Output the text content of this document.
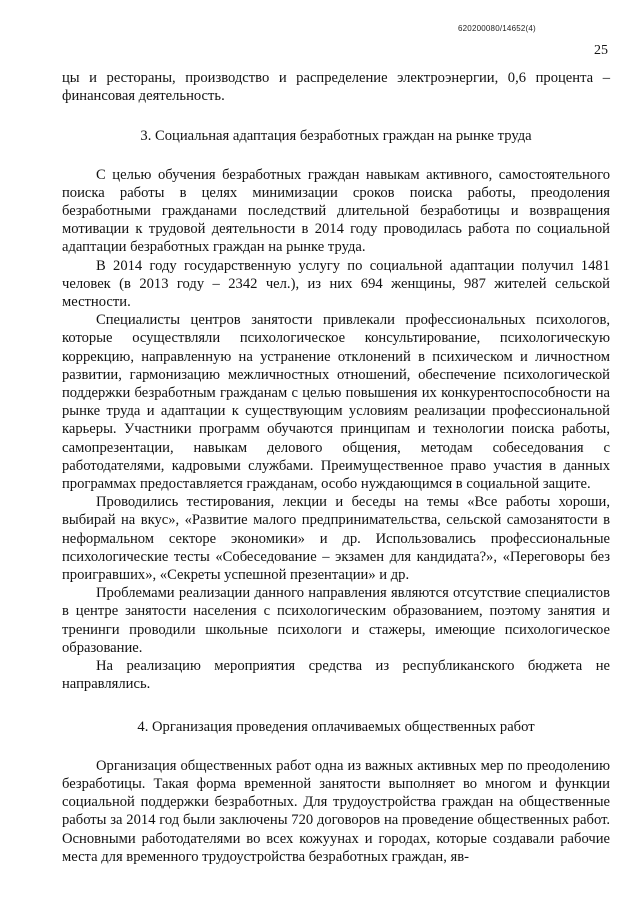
620200080/14652(4)
25

цы и рестораны, производство и распределение электроэнергии, 0,6 процента – финансовая деятельность.

3. Социальная адаптация безработных граждан на рынке труда

С целью обучения безработных граждан навыкам активного, самостоятельного поиска работы в целях минимизации сроков поиска работы, преодоления безработными гражданами последствий длительной безработицы и возвращения мотивации к трудовой деятельности в 2014 году проводилась работа по социальной адаптации безработных граждан на рынке труда.

В 2014 году государственную услугу по социальной адаптации получил 1481 человек (в 2013 году – 2342 чел.), из них 694 женщины, 987 жителей сельской местности.

Специалисты центров занятости привлекали профессиональных психологов, которые осуществляли психологическое консультирование, психологическую коррекцию, направленную на устранение отклонений в психическом и личностном развитии, гармонизацию межличностных отношений, обеспечение психологической поддержки безработным гражданам с целью повышения их конкурентоспособности на рынке труда и адаптации к существующим условиям реализации профессиональной карьеры. Участники программ обучаются принципам и технологии поиска работы, самопрезентации, навыкам делового общения, методам собеседования с работодателями, кадровыми службами. Преимущественное право участия в данных программах предоставляется гражданам, особо нуждающимся в социальной защите.

Проводились тестирования, лекции и беседы на темы «Все работы хороши, выбирай на вкус», «Развитие малого предпринимательства, сельской самозанятости в неформальном секторе экономики» и др. Использовались профессиональные психологические тесты «Собеседование – экзамен для кандидата?», «Переговоры без проигравших», «Секреты успешной презентации» и др.

Проблемами реализации данного направления являются отсутствие специалистов в центре занятости населения с психологическим образованием, поэтому занятия и тренинги проводили школьные психологи и стажеры, имеющие психологическое образование.

На реализацию мероприятия средства из республиканского бюджета не направлялись.

4. Организация проведения оплачиваемых общественных работ

Организация общественных работ одна из важных активных мер по преодолению безработицы. Такая форма временной занятости выполняет во многом и функции социальной поддержки безработных. Для трудоустройства граждан на общественные работы за 2014 год были заключены 720 договоров на проведение общественных работ. Основными работодателями во всех кожуунах и городах, которые создавали рабочие места для временного трудоустройства безработных граждан, яв-
